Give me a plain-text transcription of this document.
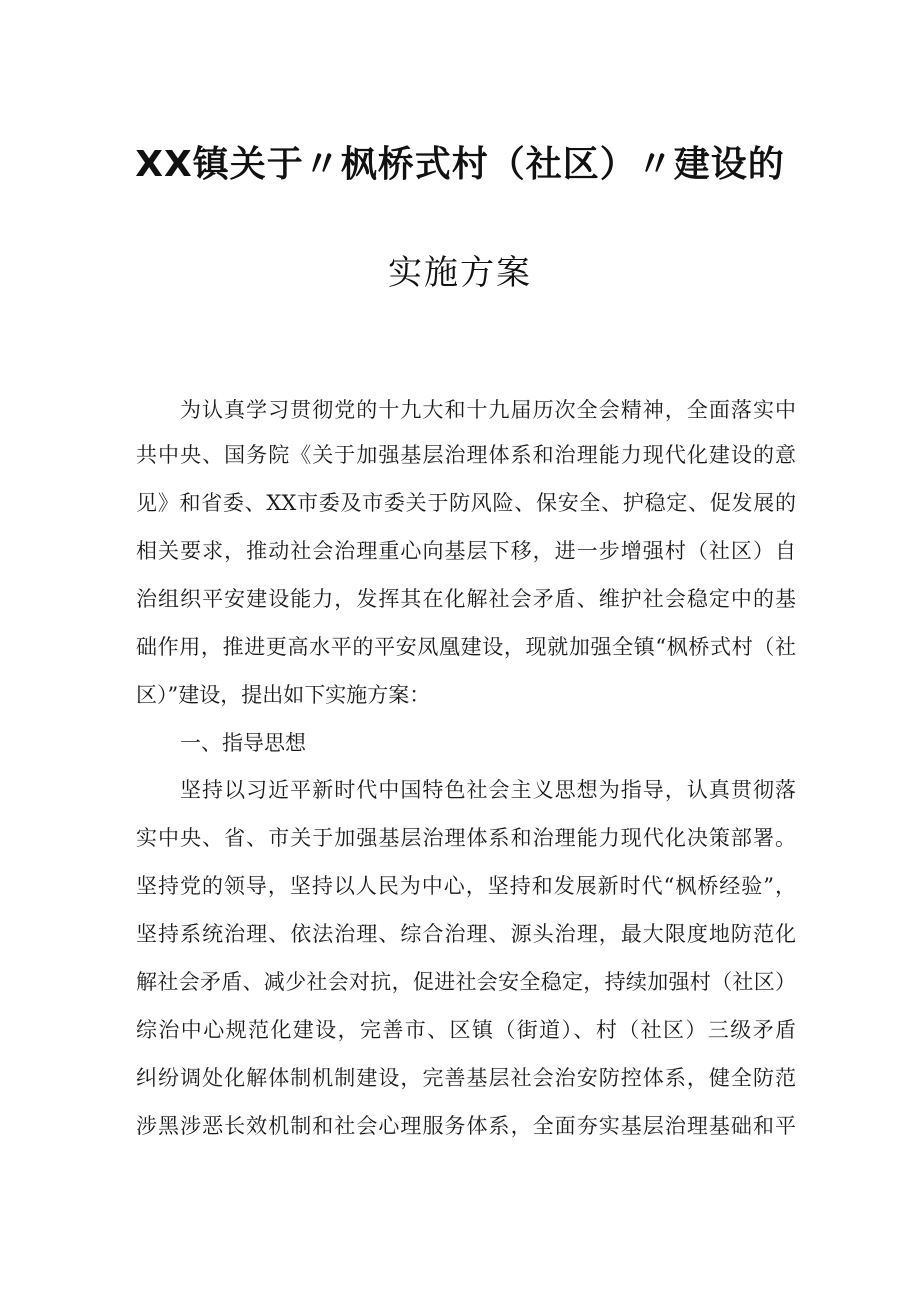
XX镇关于〃枫桥式村（社区）〃建设的
实施方案
为认真学习贯彻党的十九大和十九届历次全会精神，全面落实中
共中央、国务院《关于加强基层治理体系和治理能力现代化建设的意
见》和省委、XX市委及市委关于防风险、保安全、护稳定、促发展的
相关要求，推动社会治理重心向基层下移，进一步增强村（社区）自
治组织平安建设能力，发挥其在化解社会矛盾、维护社会稳定中的基
础作用，推进更高水平的平安凤凰建设，现就加强全镇“枫桥式村（社
区）”建设，提出如下实施方案：
一、指导思想
坚持以习近平新时代中国特色社会主义思想为指导，认真贯彻落
实中央、省、市关于加强基层治理体系和治理能力现代化决策部署。
坚持党的领导，坚持以人民为中心，坚持和发展新时代“枫桥经验”，
坚持系统治理、依法治理、综合治理、源头治理，最大限度地防范化
解社会矛盾、减少社会对抗，促进社会安全稳定，持续加强村（社区）
综治中心规范化建设，完善市、区镇（街道）、村（社区）三级矛盾
纠纷调处化解体制机制建设，完善基层社会治安防控体系，健全防范
涉黑涉恶长效机制和社会心理服务体系，全面夯实基层治理基础和平
